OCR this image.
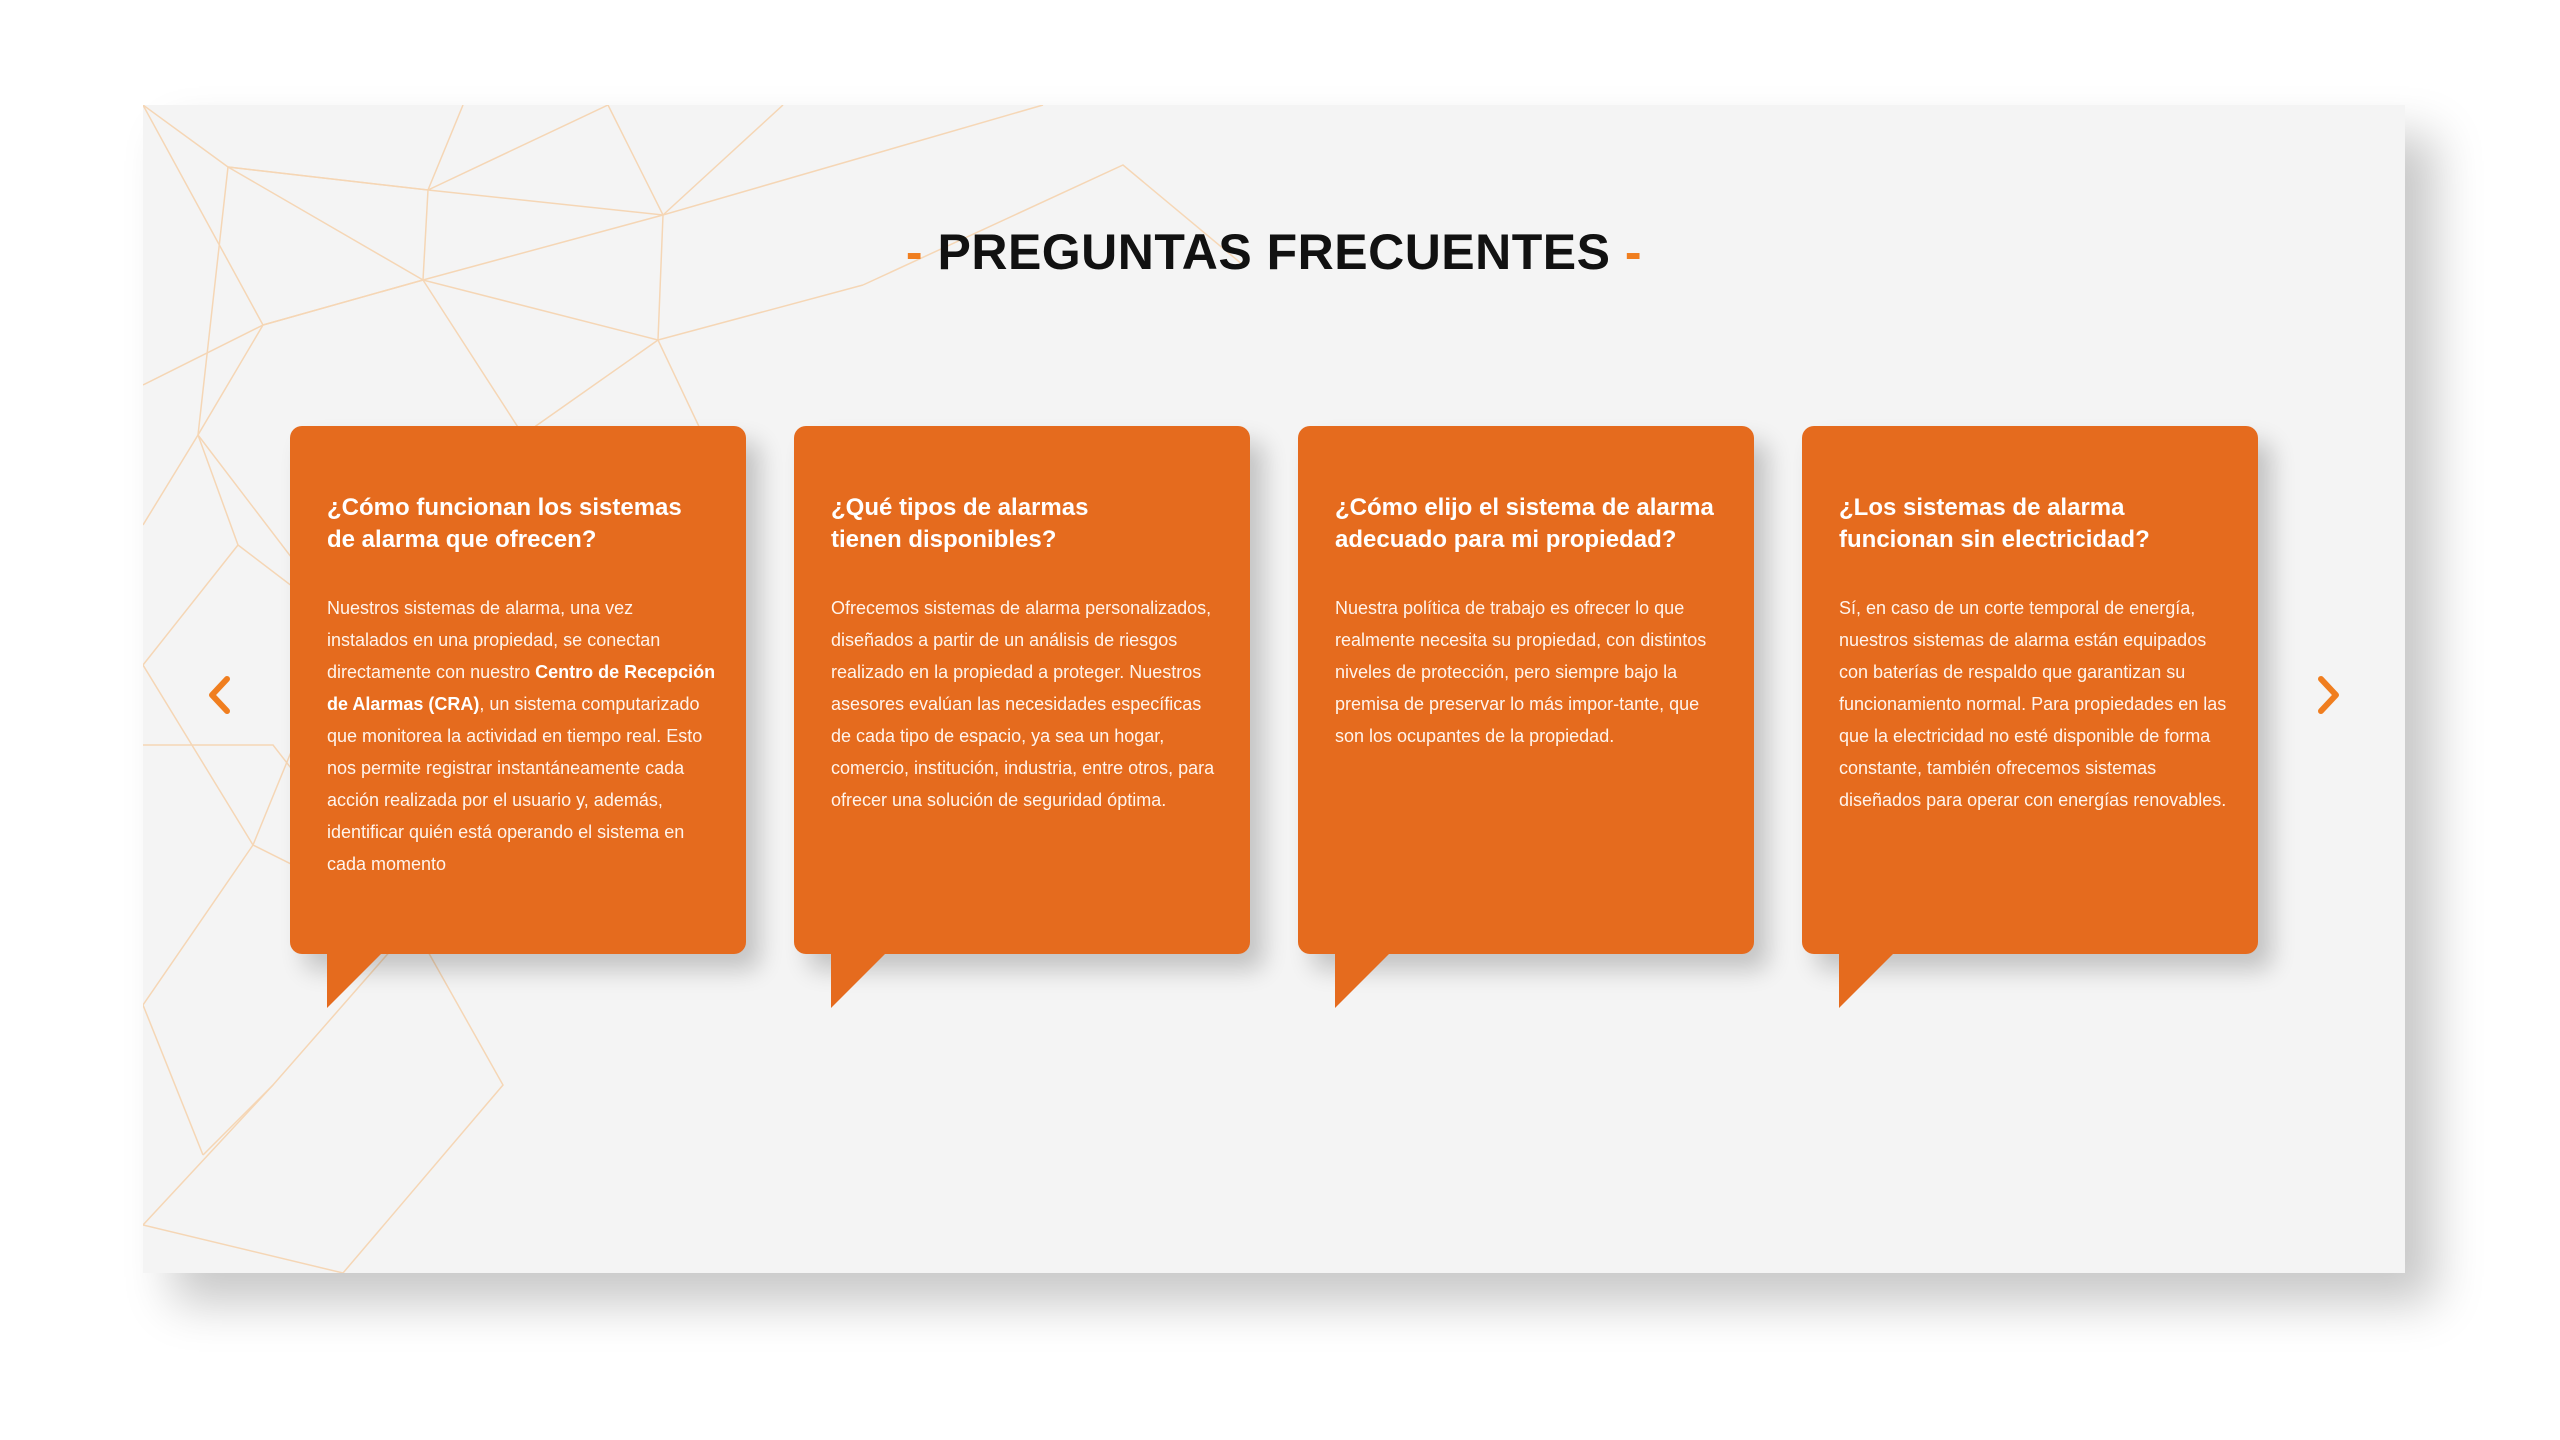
- PREGUNTAS FRECUENTES -
¿Cómo funcionan los sistemas
de alarma que ofrecen?

Nuestros sistemas de alarma, una vez instalados en una propiedad, se conectan directamente con nuestro Centro de Recepción de Alarmas (CRA), un sistema computarizado que monitorea la actividad en tiempo real. Esto nos permite registrar instantáneamente cada acción realizada por el usuario y, además, identificar quién está operando el sistema en cada momento

¿Qué tipos de alarmas
tienen disponibles?

Ofrecemos sistemas de alarma personalizados, diseñados a partir de un análisis de riesgos realizado en la propiedad a proteger. Nuestros asesores evalúan las necesidades específicas de cada tipo de espacio, ya sea un hogar, comercio, institución, industria, entre otros, para ofrecer una solución de seguridad óptima.

¿Cómo elijo el sistema de alarma
adecuado para mi propiedad?

Nuestra política de trabajo es ofrecer lo que realmente necesita su propiedad, con distintos niveles de protección, pero siempre bajo la premisa de preservar lo más impor-tante, que son los ocupantes de la propiedad.

¿Los sistemas de alarma
funcionan sin electricidad?

Sí, en caso de un corte temporal de energía, nuestros sistemas de alarma están equipados con baterías de respaldo que garantizan su funcionamiento normal. Para propiedades en las que la electricidad no esté disponible de forma constante, también ofrecemos sistemas diseñados para operar con energías renovables.
